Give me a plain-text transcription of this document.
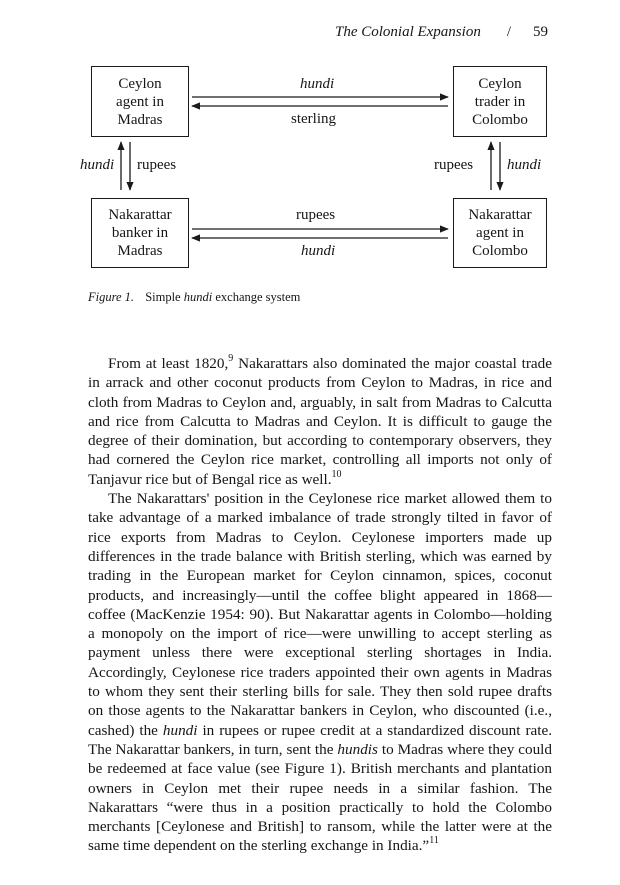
The Colonial Expansion / 59
Ceylon
agent in
Madras
Ceylon
trader in
Colombo
Nakarattar
banker in
Madras
Nakarattar
agent in
Colombo
hundi
sterling
rupees
hundi
hundi rupees	rupees hundi
Figure 1. Simple hundi exchange system

From at least 1820,$^9$ Nakarattars also dominated the major coastal trade in arrack and other coconut products from Ceylon to Madras, in rice and cloth from Madras to Ceylon and, arguably, in salt from Madras to Calcutta and rice from Calcutta to Madras and Ceylon. It is difficult to gauge the degree of their domination, but according to contemporary observers, they had cornered the Ceylon rice market, controlling all imports not only of Tanjavur rice but of Bengal rice as well.$^{10}$

The Nakarattars' position in the Ceylonese rice market allowed them to take advantage of a marked imbalance of trade strongly tilted in favor of rice exports from Madras to Ceylon. Ceylonese importers made up differences in the trade balance with British sterling, which was earned by trading in the European market for Ceylon cinnamon, spices, coconut products, and increasingly—until the coffee blight appeared in 1868—coffee (MacKenzie 1954: 90). But Nakarattar agents in Colombo—holding a monopoly on the import of rice—were unwilling to accept sterling as payment unless there were exceptional sterling shortages in India. Accordingly, Ceylonese rice traders appointed their own agents in Madras to whom they sent their sterling bills for sale. They then sold rupee drafts on those agents to the Nakarattar bankers in Ceylon, who discounted (i.e., cashed) the hundi in rupees or rupee credit at a standardized discount rate. The Nakarattar bankers, in turn, sent the hundis to Madras where they could be redeemed at face value (see Figure 1). British merchants and plantation owners in Ceylon met their rupee needs in a similar fashion. The Nakarattars “were thus in a position practically to hold the Colombo merchants [Ceylonese and British] to ransom, while the latter were at the same time dependent on the sterling exchange in India.”$^{11}$
